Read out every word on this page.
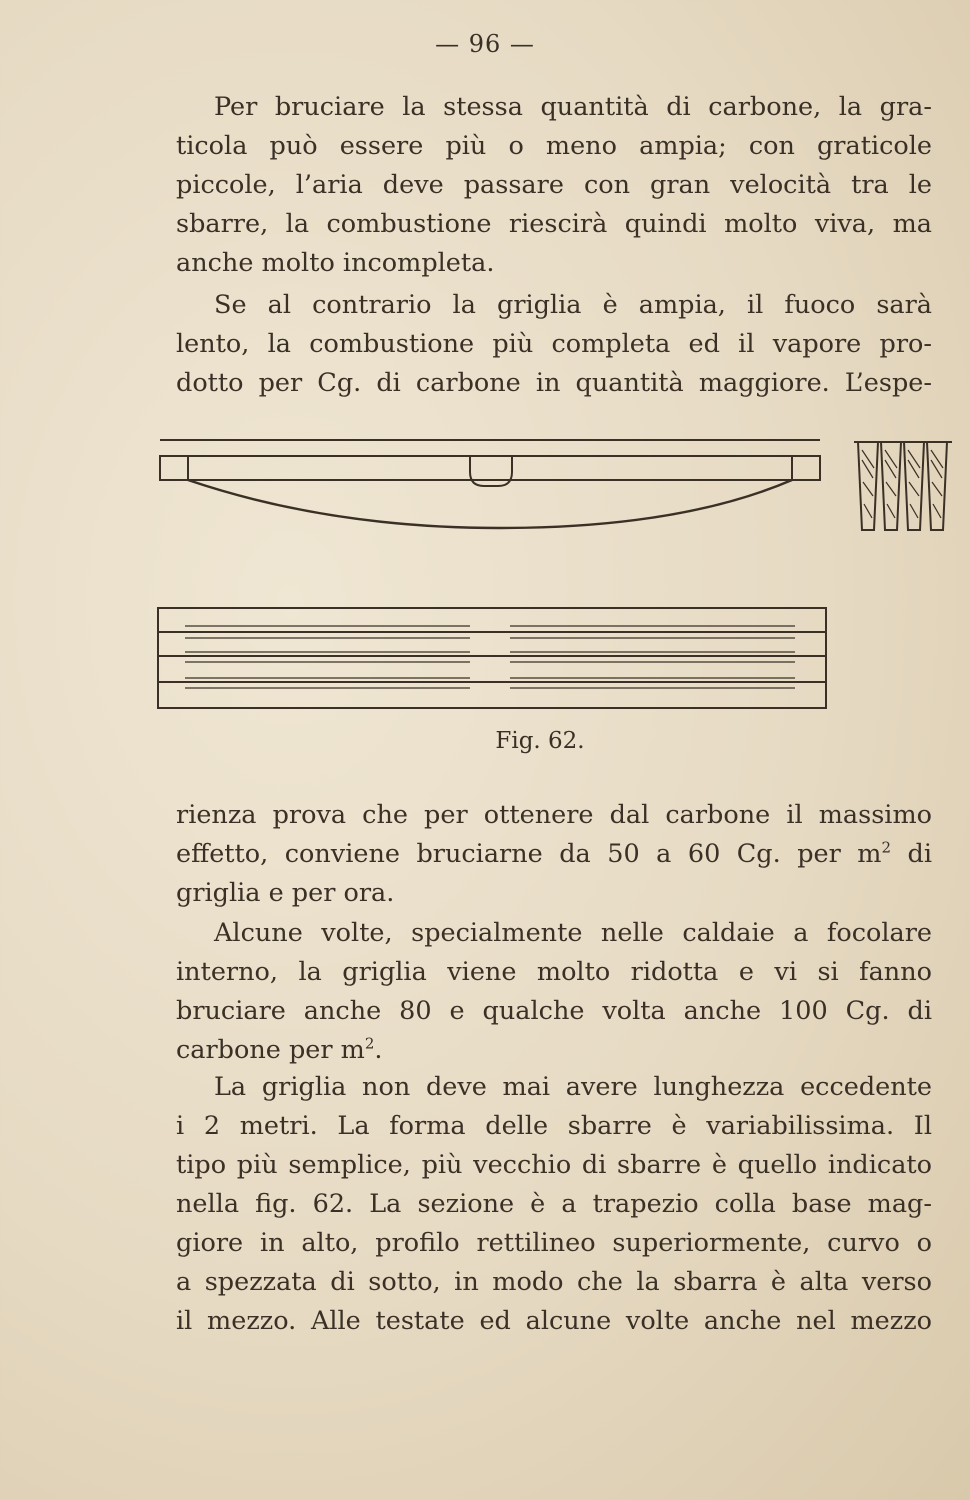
— 96 —
Per bruciare la stessa quantità di carbone, la gra-
ticola può essere più o meno ampia; con graticole
piccole, l’aria deve passare con gran velocità tra le
sbarre, la combustione riescirà quindi molto viva, ma
anche molto incompleta.
Se al contrario la griglia è ampia, il fuoco sarà
lento, la combustione più completa ed il vapore pro-
dotto per Cg. di carbone in quantità maggiore. L’espe-
Fig. 62.
rienza prova che per ottenere dal carbone il massimo
effetto, conviene bruciarne da 50 a 60 Cg. per $m^2$ di
griglia e per ora.
Alcune volte, specialmente nelle caldaie a focolare
interno, la griglia viene molto ridotta e vi si fanno
bruciare anche 80 e qualche volta anche 100 Cg. di
carbone per $m^2$.
La griglia non deve mai avere lunghezza eccedente
i 2 metri. La forma delle sbarre è variabilissima. Il
tipo più semplice, più vecchio di sbarre è quello indicato
nella fig. 62. La sezione è a trapezio colla base mag-
giore in alto, profilo rettilineo superiormente, curvo o
a spezzata di sotto, in modo che la sbarra è alta verso
il mezzo. Alle testate ed alcune volte anche nel mezzo
